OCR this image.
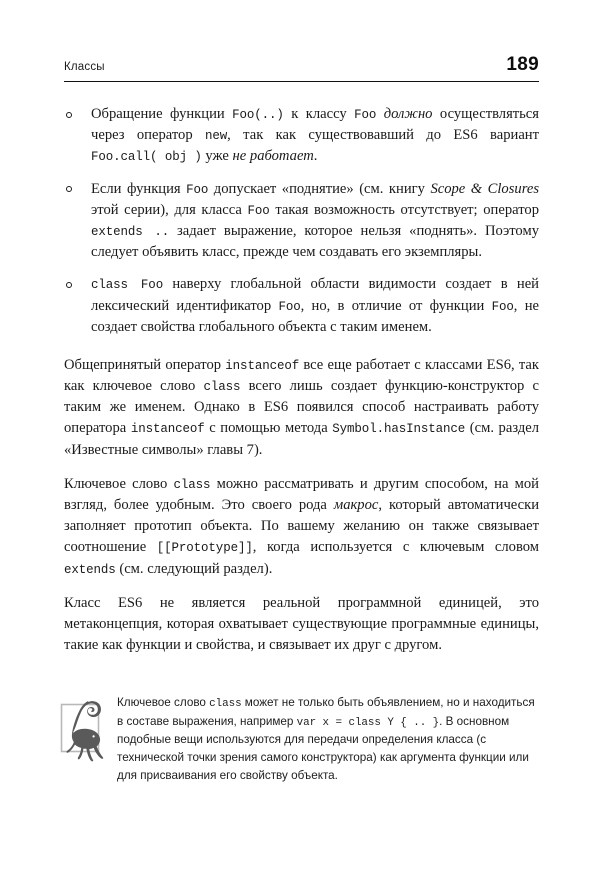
Классы	189
Обращение функции Foo(..) к классу Foo должно осуществляться через оператор new, так как существовавший до ES6 вариант Foo.call( obj ) уже не работает.
Если функция Foo допускает «поднятие» (см. книгу Scope & Closures этой серии), для класса Foo такая возможность отсутствует; оператор extends .. задает выражение, которое нельзя «поднять». Поэтому следует объявить класс, прежде чем создавать его экземпляры.
class Foo наверху глобальной области видимости создает в ней лексический идентификатор Foo, но, в отличие от функции Foo, не создает свойства глобального объекта с таким именем.

Общепринятый оператор instanceof все еще работает с классами ES6, так как ключевое слово class всего лишь создает функцию-конструктор с таким же именем. Однако в ES6 появился способ настраивать работу оператора instanceof с помощью метода Symbol.hasInstance (см. раздел «Известные символы» главы 7).

Ключевое слово class можно рассматривать и другим способом, на мой взгляд, более удобным. Это своего рода макрос, который автоматически заполняет прототип объекта. По вашему желанию он также связывает соотношение [[Prototype]], когда используется с ключевым словом extends (см. следующий раздел).

Класс ES6 не является реальной программной единицей, это метаконцепция, которая охватывает существующие программные единицы, такие как функции и свойства, и связывает их друг с другом.

Ключевое слово class может не только быть объявлением, но и находиться в составе выражения, например var x = class Y { .. }. В основном подобные вещи используются для передачи определения класса (с технической точки зрения самого конструктора) как аргумента функции или для присваивания его свойству объекта.
